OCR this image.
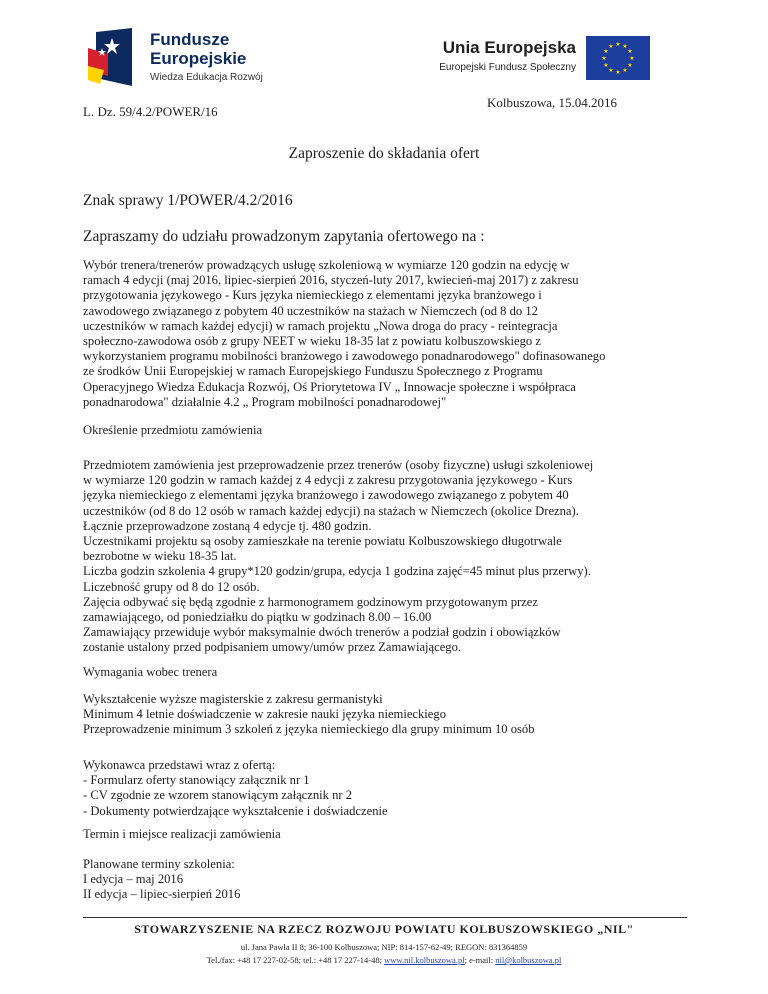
Fundusze
Europejskie
Wiedza Edukacja Rozwój
Unia Europejska
Europejski Fundusz Społeczny
★ ★
★
★
★
★
★
★
★
★
★
★
L. Dz. 59/4.2/POWER/16
Kolbuszowa, 15.04.2016
Zaproszenie do składania ofert
Znak sprawy 1/POWER/4.2/2016
Zapraszamy do udziału prowadzonym zapytania ofertowego na :
Wybór trenera/trenerów prowadzących usługę szkoleniową w wymiarze 120 godzin na edycję w
ramach 4 edycji (maj 2016, lipiec-sierpień 2016, styczeń-luty 2017, kwiecień-maj 2017) z zakresu
przygotowania językowego - Kurs języka niemieckiego z elementami języka branżowego i
zawodowego związanego z pobytem 40 uczestników na stażach w Niemczech (od 8 do 12
uczestników w ramach każdej edycji) w ramach projektu „Nowa droga do pracy - reintegracja
społeczno-zawodowa osób z grupy NEET w wieku 18-35 lat z powiatu kolbuszowskiego z
wykorzystaniem programu mobilności branżowego i zawodowego ponadnarodowego" dofinasowanego
ze środków Unii Europejskiej w ramach Europejskiego Funduszu Społecznego z Programu
Operacyjnego Wiedza Edukacja Rozwój, Oś Priorytetowa IV „ Innowacje społeczne i współpraca
ponadnarodowa" działalnie 4.2 „ Program mobilności ponadnarodowej"
Określenie przedmiotu zamówienia
Przedmiotem zamówienia jest przeprowadzenie przez trenerów (osoby fizyczne) usługi szkoleniowej
w wymiarze 120 godzin w ramach każdej z 4 edycji z zakresu przygotowania językowego - Kurs
języka niemieckiego z elementami języka branżowego i zawodowego związanego z pobytem 40
uczestników (od 8 do 12 osób w ramach każdej edycji) na stażach w Niemczech (okolice Drezna).
Łącznie przeprowadzone zostaną 4 edycje tj. 480 godzin.
Uczestnikami projektu są osoby zamieszkałe na terenie powiatu Kolbuszowskiego długotrwale
bezrobotne w wieku 18-35 lat.
Liczba godzin szkolenia 4 grupy*120 godzin/grupa, edycja 1 godzina zajęć=45 minut plus przerwy).
Liczebność grupy od 8 do 12 osób.
Zajęcia odbywać się będą zgodnie z harmonogramem godzinowym przygotowanym przez
zamawiającego, od poniedziałku do piątku w godzinach 8.00 – 16.00
Zamawiający przewiduje wybór maksymalnie dwóch trenerów a podział godzin i obowiązków
zostanie ustalony przed podpisaniem umowy/umów przez Zamawiającego.
Wymagania wobec trenera
Wykształcenie wyższe magisterskie z zakresu germanistyki
Minimum 4 letnie doświadczenie w zakresie nauki języka niemieckiego
Przeprowadzenie minimum 3 szkoleń z języka niemieckiego dla grupy minimum 10 osób
Wykonawca przedstawi wraz z ofertą:
- Formularz oferty stanowiący załącznik nr 1
- CV zgodnie ze wzorem stanowiącym załącznik nr 2
- Dokumenty potwierdzające wykształcenie i doświadczenie
Termin i miejsce realizacji zamówienia
Planowane terminy szkolenia:
I edycja – maj 2016
II edycja – lipiec-sierpień 2016
STOWARZYSZENIE NA RZECZ ROZWOJU POWIATU KOLBUSZOWSKIEGO „NIL"
ul. Jana Pawła II 8; 36-100 Kolbuszowa; NIP: 814-157-62-49; REGON: 831364859
Tel./fax: +48 17 227-02-58; tel.: +48 17 227-14-48; www.nil.kolbuszowa.pl; e-mail: nil@kolbuszowa.pl
